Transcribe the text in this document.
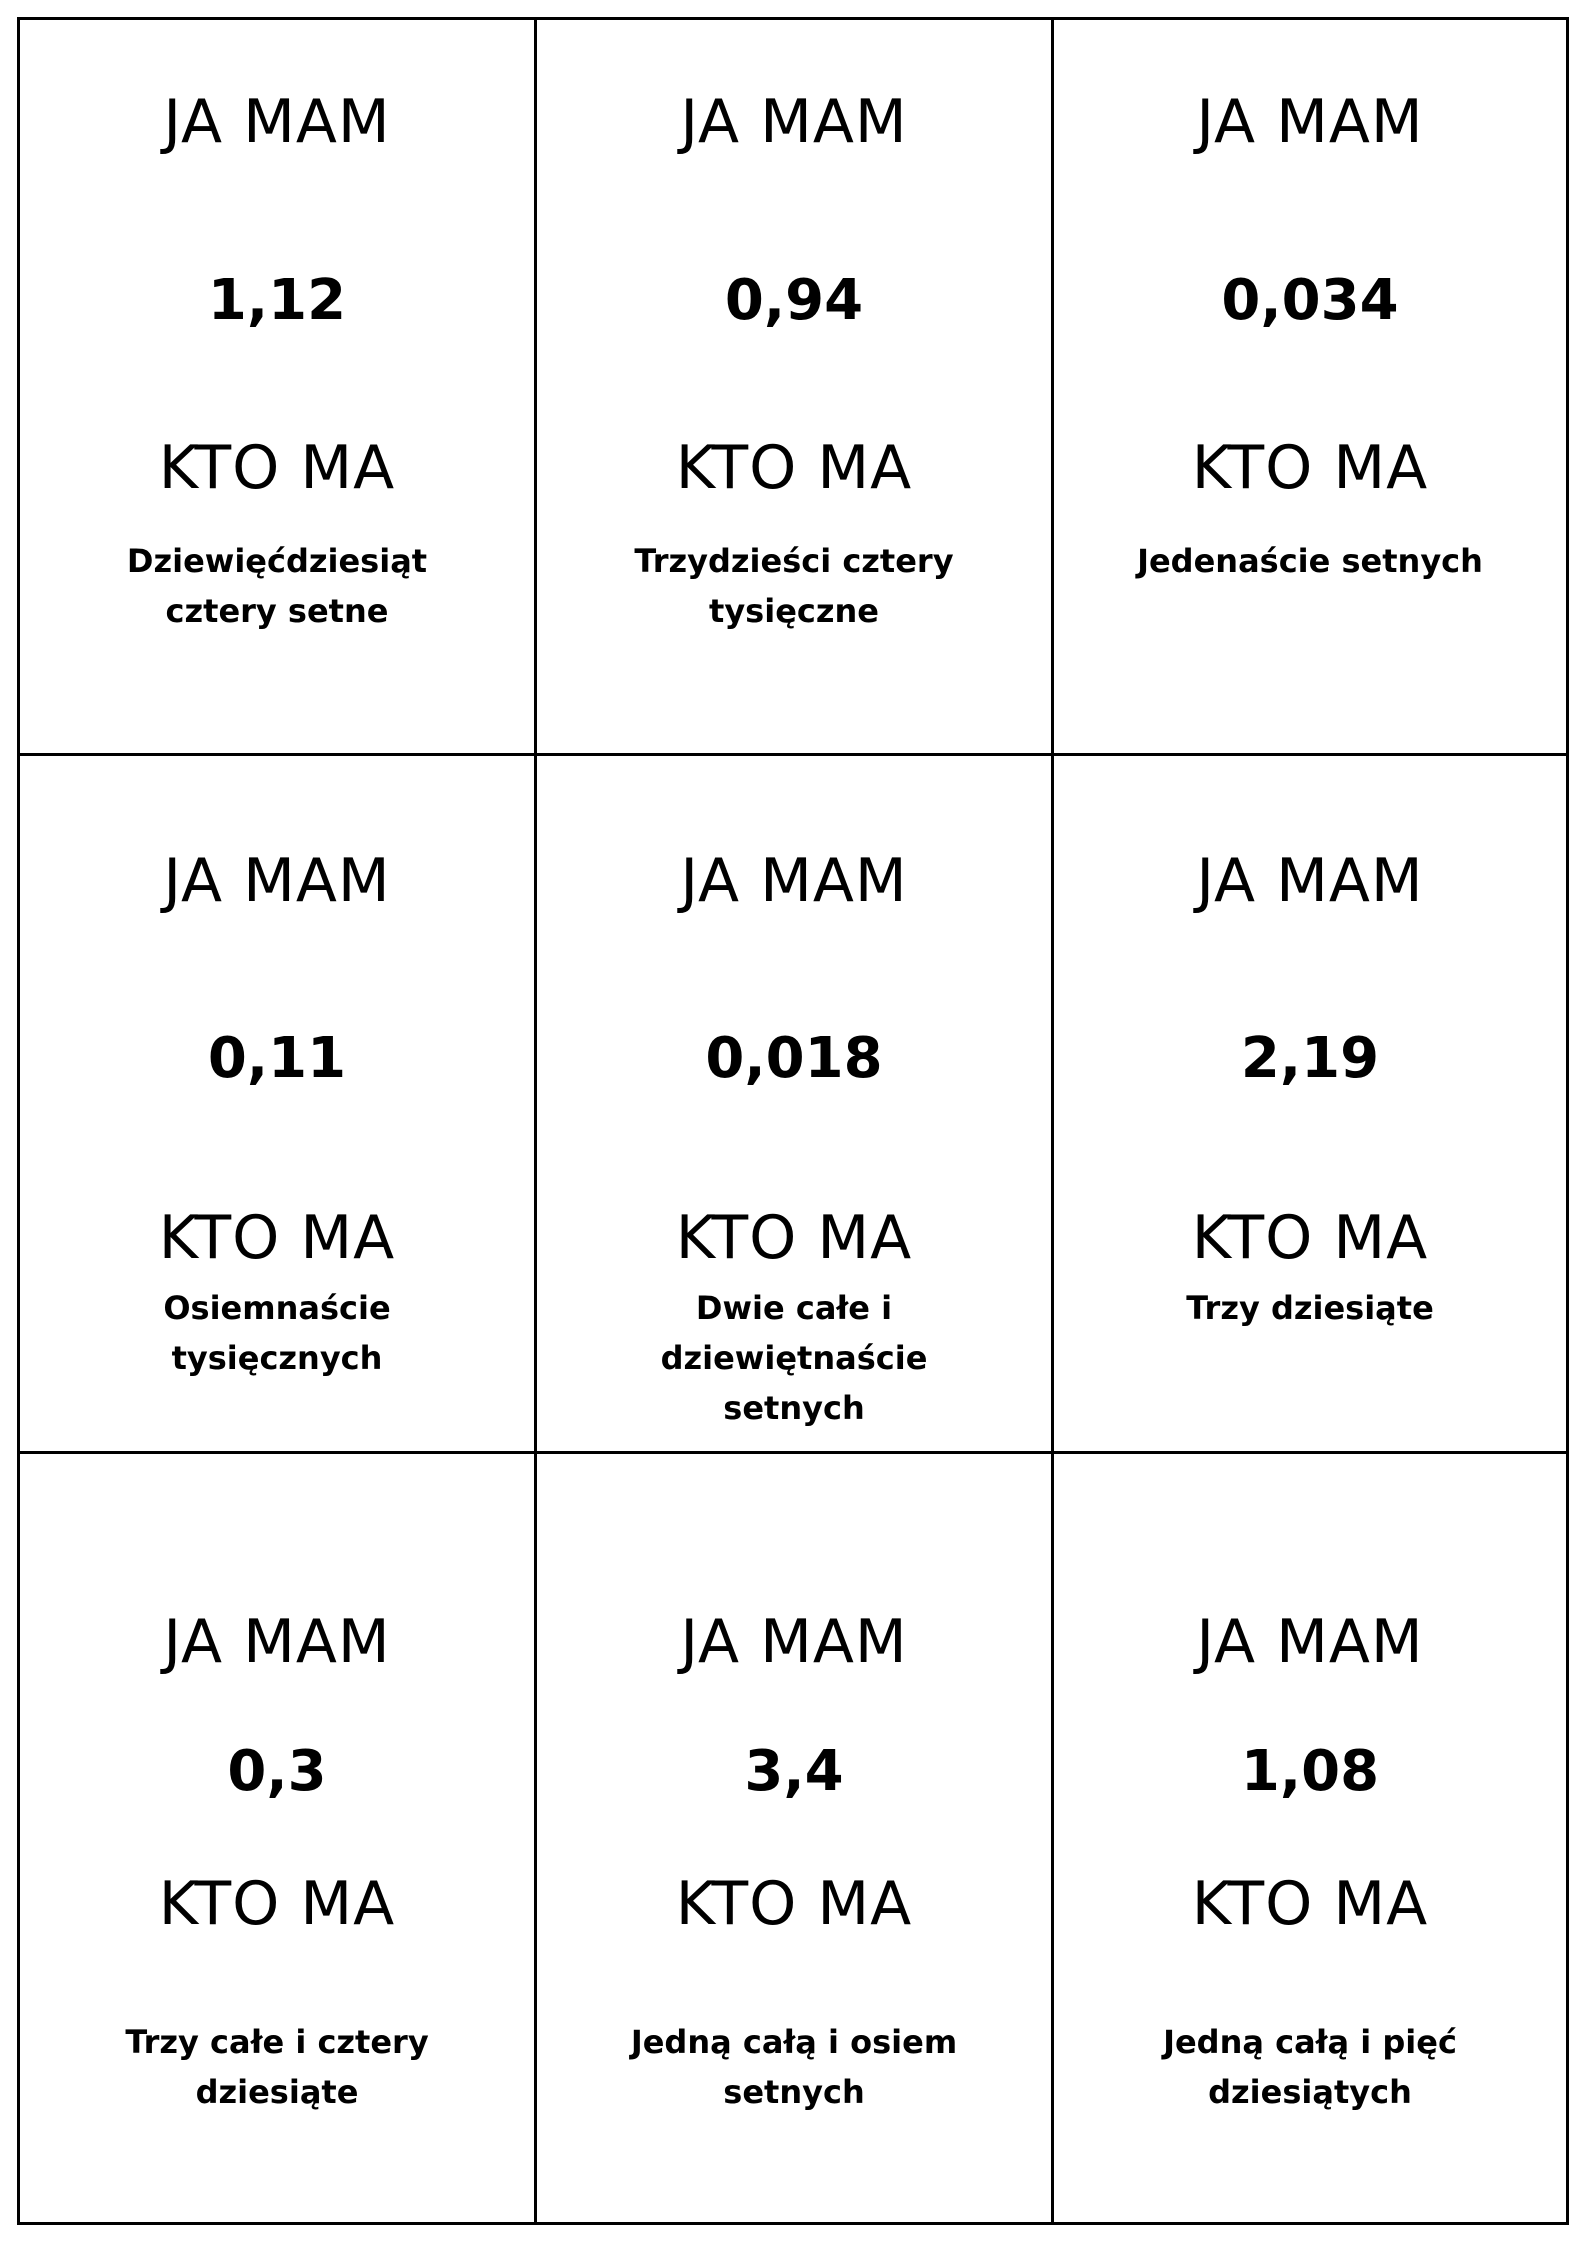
JA MAM
1,12
KTO MA
Dziewięćdziesiąt cztery setne
JA MAM
0,94
KTO MA
Trzydzieści cztery tysięczne
JA MAM
0,034
KTO MA
Jedenaście setnych
JA MAM
0,11
KTO MA
Osiemnaście tysięcznych
JA MAM
0,018
KTO MA
Dwie całe i dziewiętnaście setnych
JA MAM
2,19
KTO MA
Trzy dziesiąte
JA MAM
0,3
KTO MA
Trzy całe i cztery dziesiąte
JA MAM
3,4
KTO MA
Jedną całą i osiem setnych
JA MAM
1,08
KTO MA
Jedną całą i pięć dziesiątych
